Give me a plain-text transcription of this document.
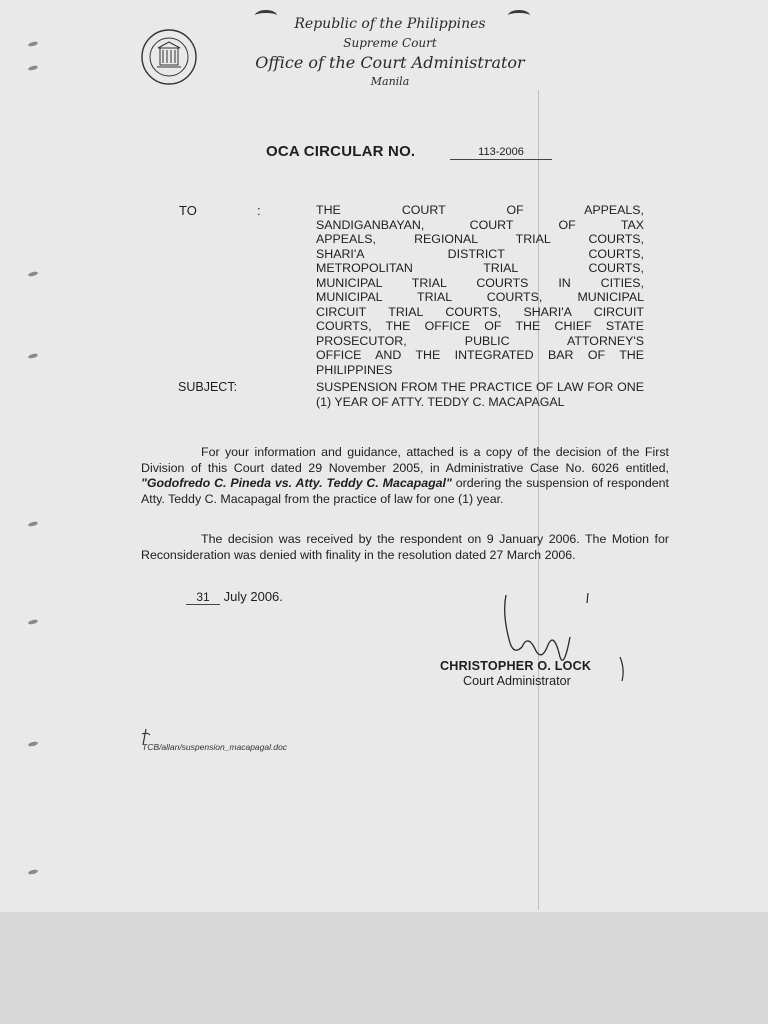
Republic of the Philippines
Supreme Court
Office of the Court Administrator
Manila
OCA CIRCULAR NO.	113-2006
TO	:	THE COURT OF APPEALS,
SANDIGANBAYAN, COURT OF TAX
APPEALS, REGIONAL TRIAL COURTS,
SHARI'A DISTRICT COURTS,
METROPOLITAN TRIAL COURTS,
MUNICIPAL TRIAL COURTS IN CITIES,
MUNICIPAL TRIAL COURTS, MUNICIPAL
CIRCUIT TRIAL COURTS, SHARI'A CIRCUIT
COURTS, THE OFFICE OF THE CHIEF STATE
PROSECUTOR, PUBLIC ATTORNEY'S
OFFICE AND THE INTEGRATED BAR OF THE
PHILIPPINES
SUBJECT:	SUSPENSION FROM THE PRACTICE OF LAW FOR ONE (1) YEAR OF ATTY. TEDDY C. MACAPAGAL
For your information and guidance, attached is a copy of the decision of the First Division of this Court dated 29 November 2005, in Administrative Case No. 6026 entitled, "Godofredo C. Pineda vs. Atty. Teddy C. Macapagal" ordering the suspension of respondent Atty. Teddy C. Macapagal from the practice of law for one (1) year.
The decision was received by the respondent on 9 January 2006. The Motion for Reconsideration was denied with finality in the resolution dated 27 March 2006.
31 July 2006.
CHRISTOPHER O. LOCK
Court Administrator
TCB/allan/suspension_macapagal.doc
